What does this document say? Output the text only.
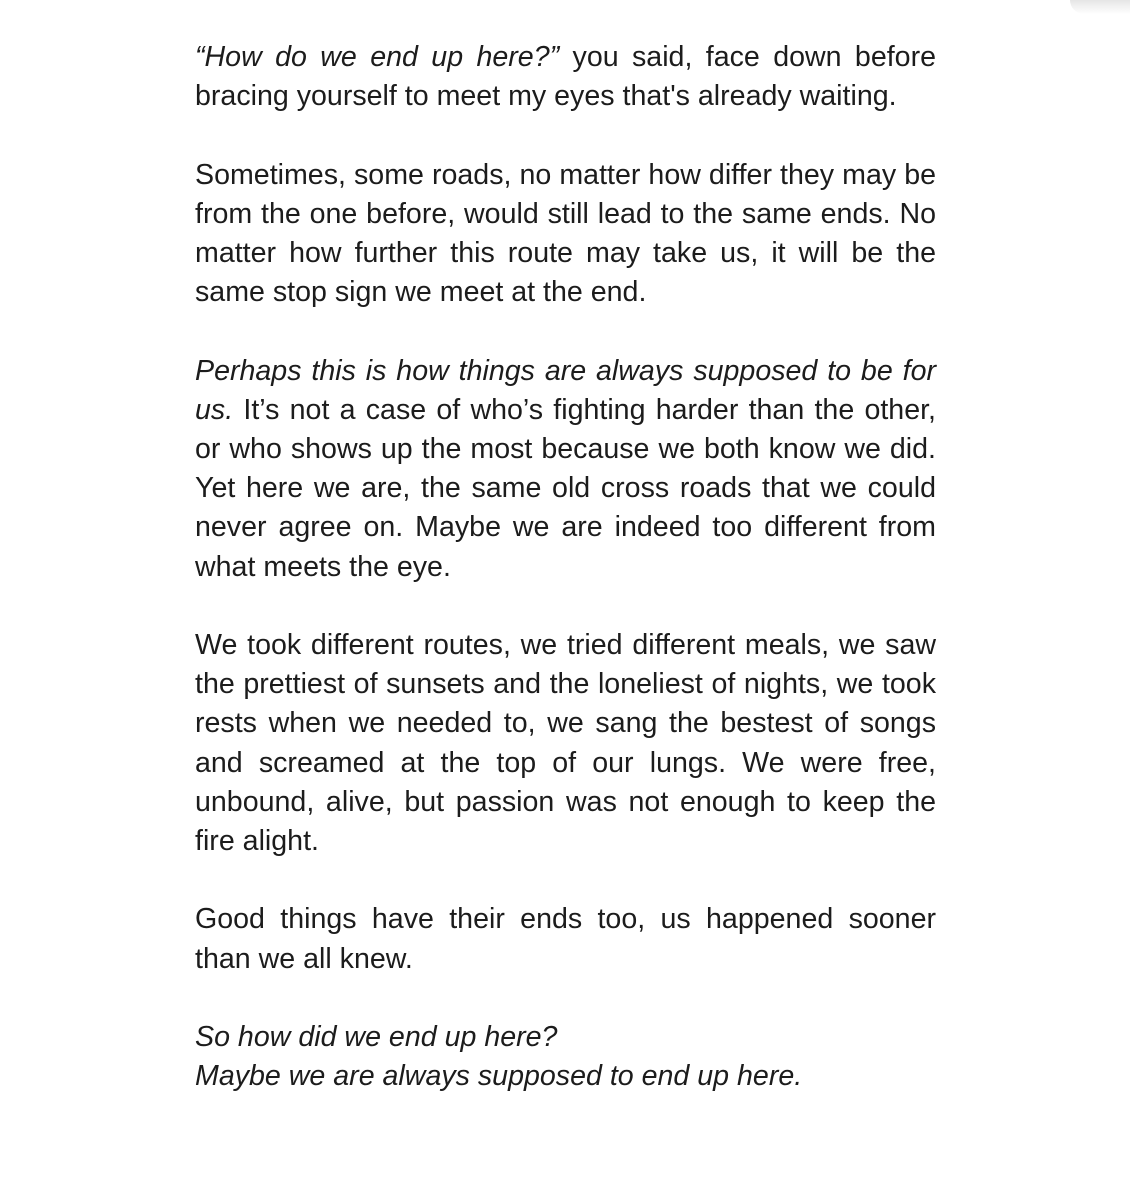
“How do we end up here?” you said, face down before bracing yourself to meet my eyes that's already waiting.

Sometimes, some roads, no matter how differ they may be from the one before, would still lead to the same ends. No matter how further this route may take us, it will be the same stop sign we meet at the end.

Perhaps this is how things are always supposed to be for us. It’s not a case of who’s fighting harder than the other, or who shows up the most because we both know we did. Yet here we are, the same old cross roads that we could never agree on. Maybe we are indeed too different from what meets the eye.

We took different routes, we tried different meals, we saw the prettiest of sunsets and the loneliest of nights, we took rests when we needed to, we sang the bestest of songs and screamed at the top of our lungs. We were free, unbound, alive, but passion was not enough to keep the fire alight.

Good things have their ends too, us happened sooner than we all knew.

So how did we end up here?
Maybe we are always supposed to end up here.
